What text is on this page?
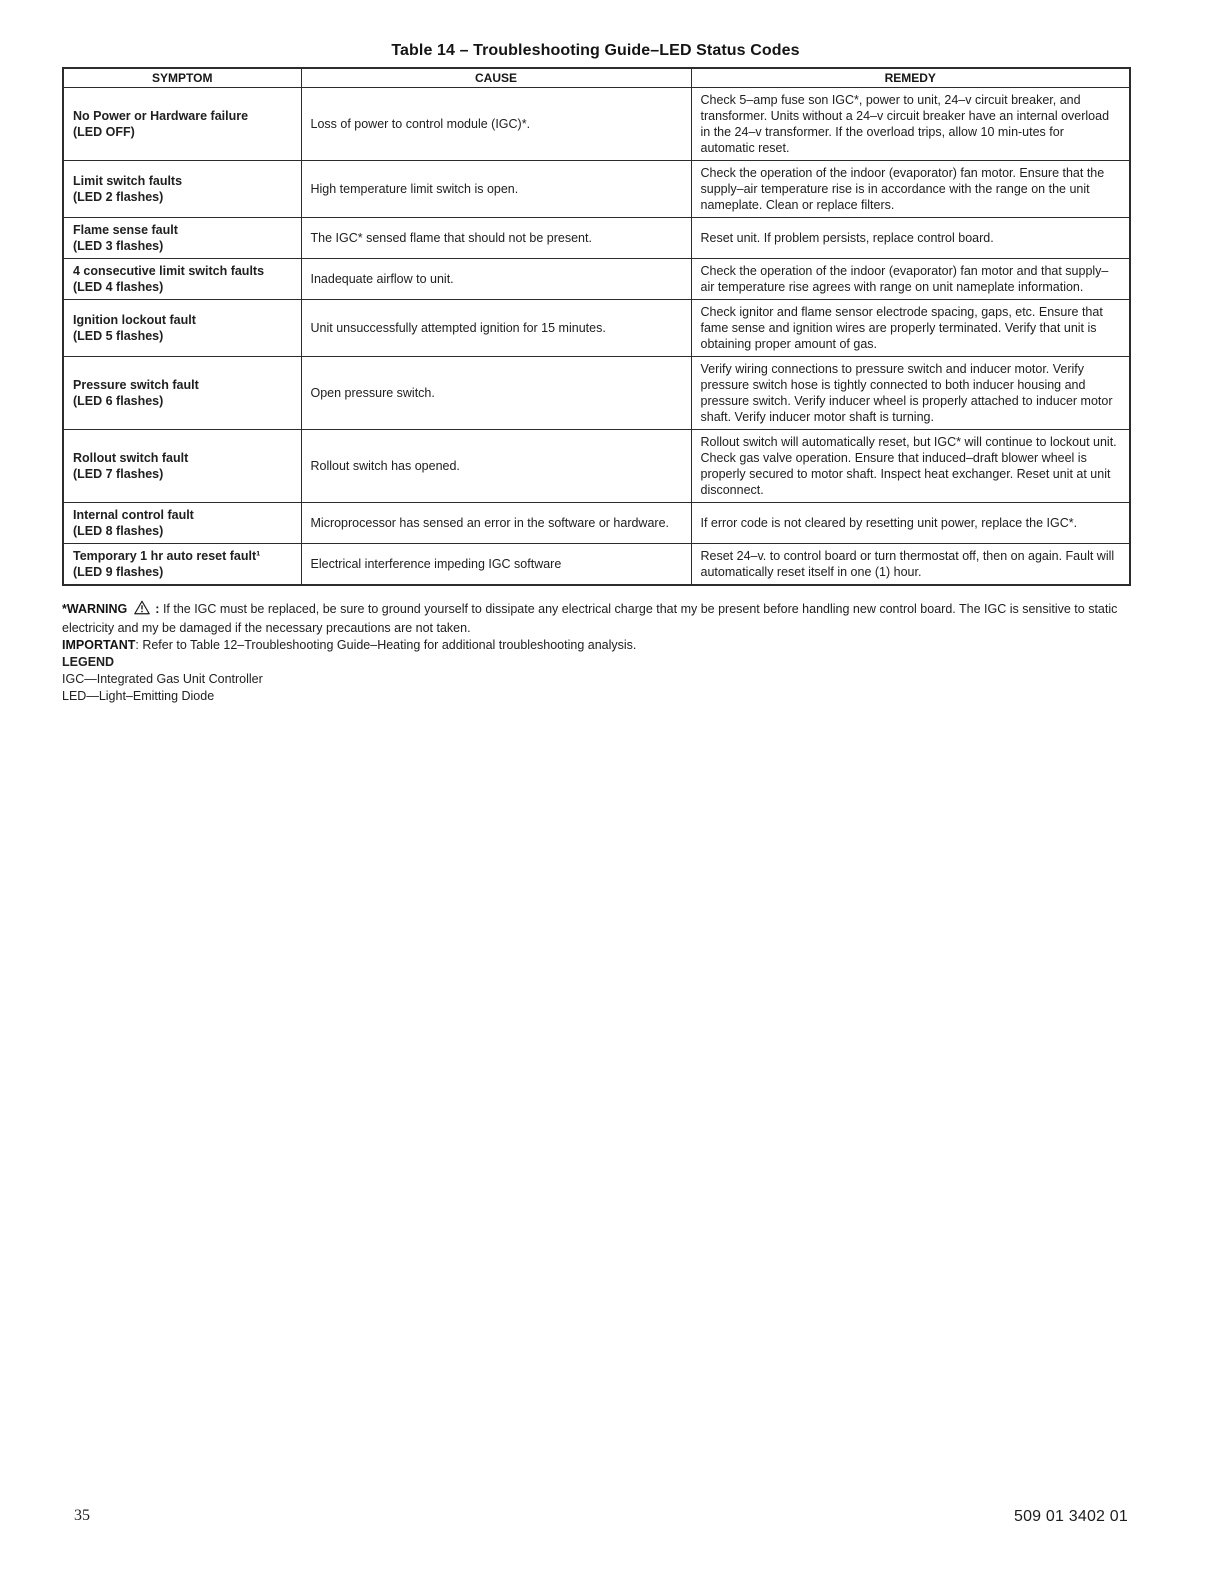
Table 14 – Troubleshooting Guide–LED Status Codes

SYMPTOM	CAUSE	REMEDY

No Power or Hardware failure
(LED OFF)	Loss of power to control module (IGC)*.	Check 5–amp fuse son IGC*, power to unit, 24–v circuit breaker, and transformer. Units without a 24–v circuit breaker have an internal overload in the 24–v transformer. If the overload trips, allow 10 min-utes for automatic reset.

Limit switch faults
(LED 2 flashes)	High temperature limit switch is open.	Check the operation of the indoor (evaporator) fan motor. Ensure that the supply–air temperature rise is in accordance with the range on the unit nameplate. Clean or replace filters.

Flame sense fault
(LED 3 flashes)	The IGC* sensed flame that should not be present.	Reset unit. If problem persists, replace control board.

4 consecutive limit switch faults
(LED 4 flashes)	Inadequate airflow to unit.	Check the operation of the indoor (evaporator) fan motor and that supply–air temperature rise agrees with range on unit nameplate information.

Ignition lockout fault
(LED 5 flashes)	Unit unsuccessfully attempted ignition for 15 minutes.	Check ignitor and flame sensor electrode spacing, gaps, etc. Ensure that fame sense and ignition wires are properly terminated. Verify that unit is obtaining proper amount of gas.

Pressure switch fault
(LED 6 flashes)	Open pressure switch.	Verify wiring connections to pressure switch and inducer motor. Verify pressure switch hose is tightly connected to both inducer housing and pressure switch. Verify inducer wheel is properly attached to inducer motor shaft. Verify inducer motor shaft is turning.

Rollout switch fault
(LED 7 flashes)	Rollout switch has opened.	Rollout switch will automatically reset, but IGC* will continue to lockout unit. Check gas valve operation. Ensure that induced–draft blower wheel is properly secured to motor shaft. Inspect heat exchanger. Reset unit at unit disconnect.

Internal control fault
(LED 8 flashes)	Microprocessor has sensed an error in the software or hardware.	If error code is not cleared by resetting unit power, replace the IGC*.

Temporary 1 hr auto reset fault¹
(LED 9 flashes)	Electrical interference impeding IGC software	Reset 24–v. to control board or turn thermostat off, then on again. Fault will automatically reset itself in one (1) hour.

*WARNING : If the IGC must be replaced, be sure to ground yourself to dissipate any electrical charge that my be present before handling new control board. The IGC is sensitive to static electricity and my be damaged if the necessary precautions are not taken.

IMPORTANT: Refer to Table 12–Troubleshooting Guide–Heating for additional troubleshooting analysis.

LEGEND

IGC—Integrated Gas Unit Controller

LED—Light–Emitting Diode

35	509 01 3402 01
